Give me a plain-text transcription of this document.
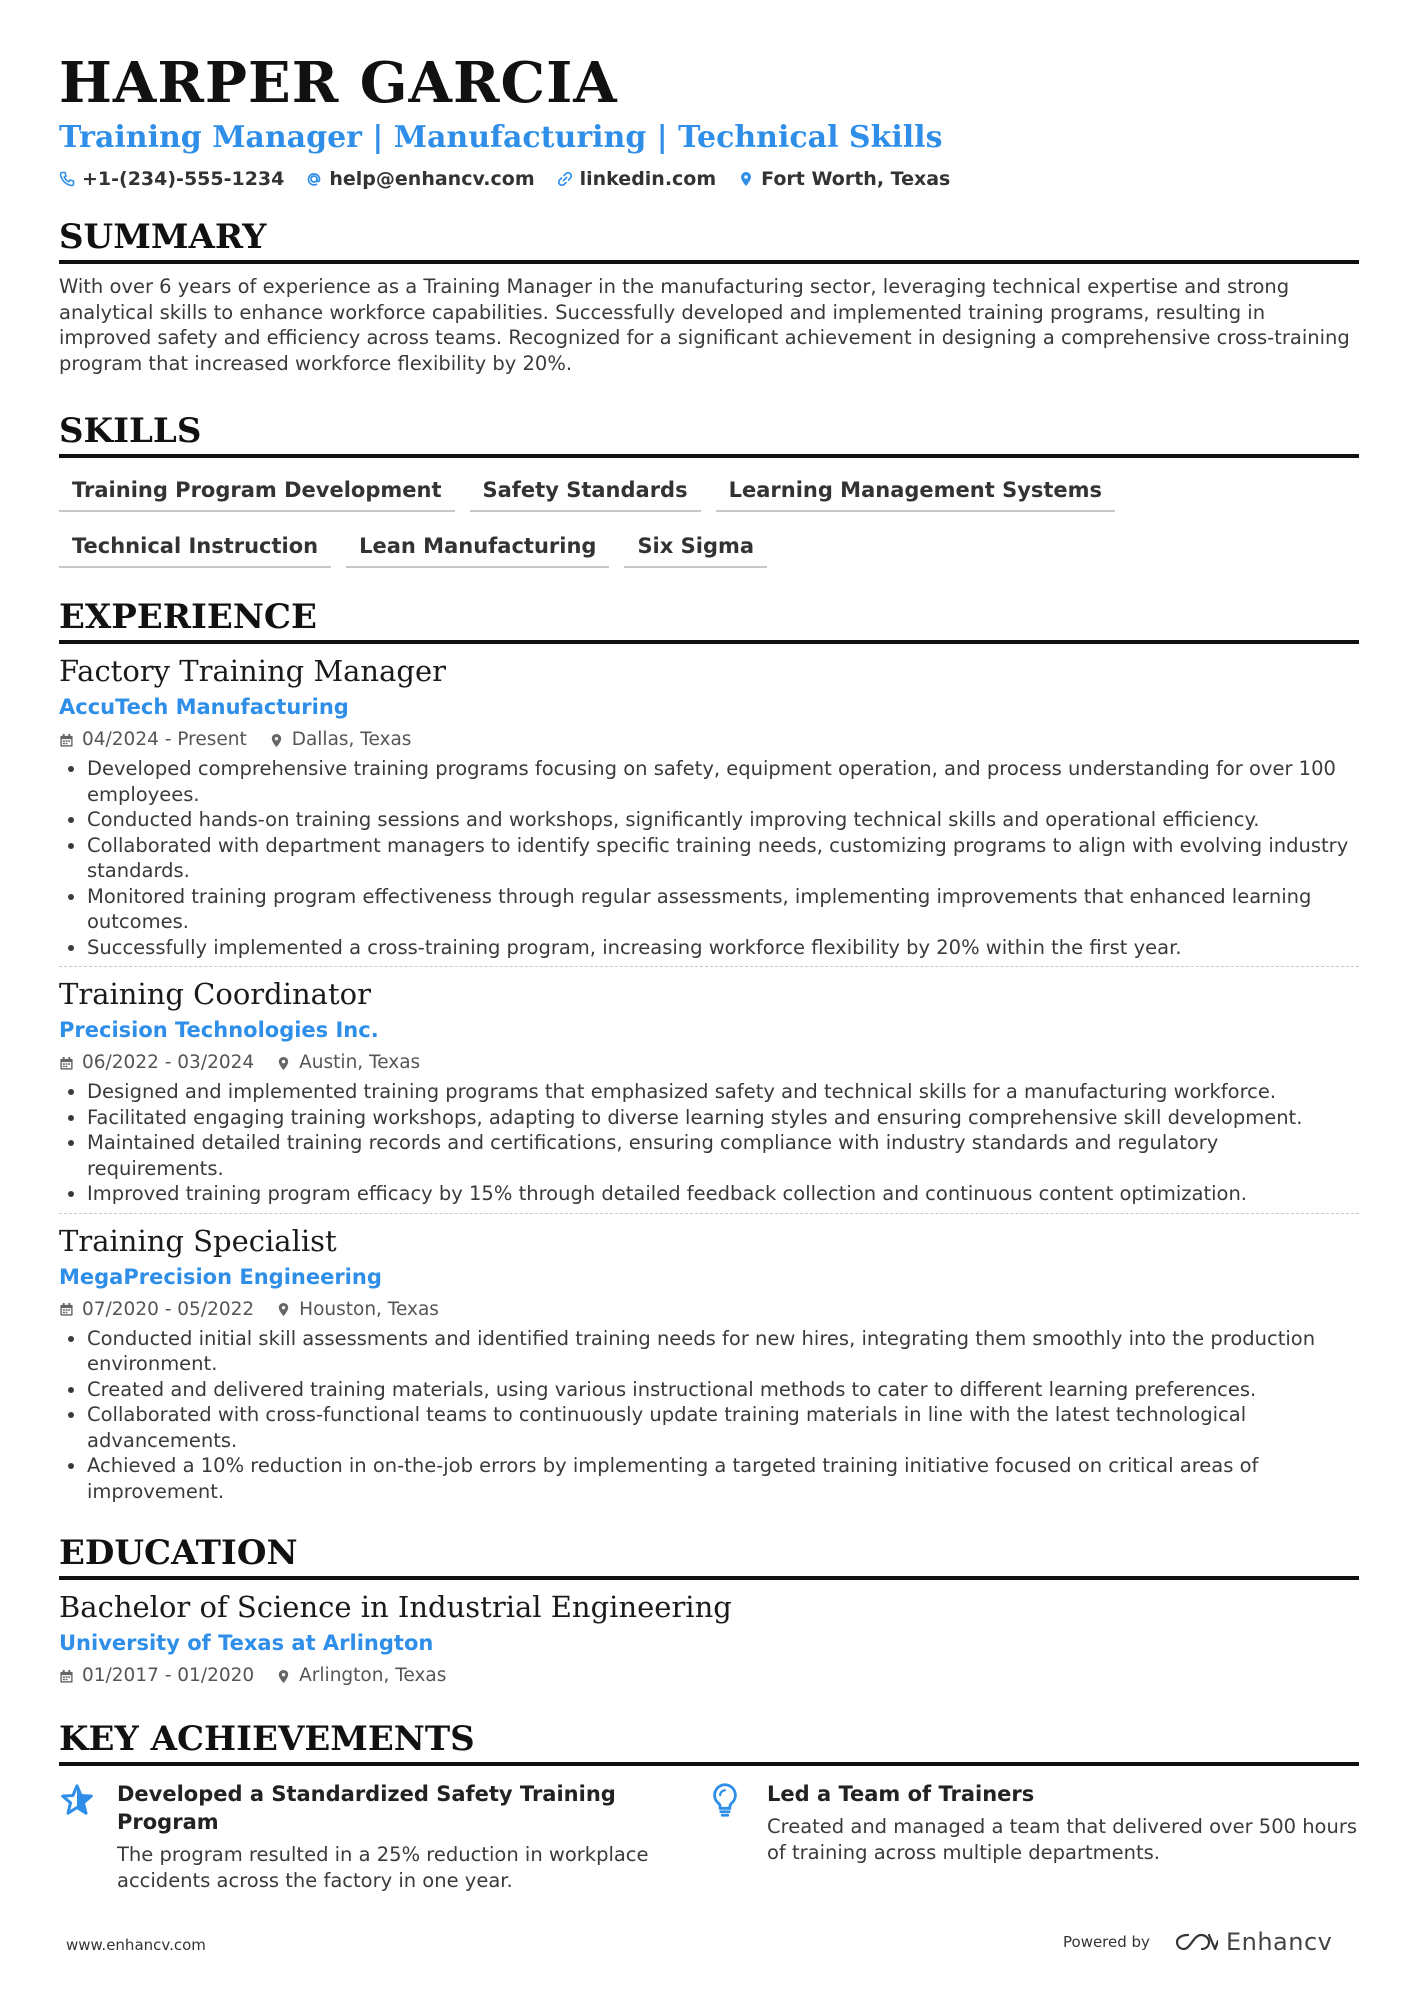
HARPER GARCIA
Training Manager | Manufacturing | Technical Skills
+1-(234)-555-1234 help@enhancv.com linkedin.com Fort Worth, Texas
SUMMARY
With over 6 years of experience as a Training Manager in the manufacturing sector, leveraging technical expertise and strong analytical skills to enhance workforce capabilities. Successfully developed and implemented training programs, resulting in improved safety and efficiency across teams. Recognized for a significant achievement in designing a comprehensive cross-training program that increased workforce flexibility by 20%.
SKILLS
Training Program Development	Safety Standards	Learning Management Systems
Technical Instruction	Lean Manufacturing	Six Sigma
EXPERIENCE
Factory Training Manager
AccuTech Manufacturing
04/2024 - Present Dallas, Texas
• Developed comprehensive training programs focusing on safety, equipment operation, and process understanding for over 100 employees.
• Conducted hands-on training sessions and workshops, significantly improving technical skills and operational efficiency.
• Collaborated with department managers to identify specific training needs, customizing programs to align with evolving industry standards.
• Monitored training program effectiveness through regular assessments, implementing improvements that enhanced learning outcomes.
• Successfully implemented a cross-training program, increasing workforce flexibility by 20% within the first year.
Training Coordinator
Precision Technologies Inc.
06/2022 - 03/2024 Austin, Texas
• Designed and implemented training programs that emphasized safety and technical skills for a manufacturing workforce.
• Facilitated engaging training workshops, adapting to diverse learning styles and ensuring comprehensive skill development.
• Maintained detailed training records and certifications, ensuring compliance with industry standards and regulatory requirements.
• Improved training program efficacy by 15% through detailed feedback collection and continuous content optimization.
Training Specialist
MegaPrecision Engineering
07/2020 - 05/2022 Houston, Texas
• Conducted initial skill assessments and identified training needs for new hires, integrating them smoothly into the production environment.
• Created and delivered training materials, using various instructional methods to cater to different learning preferences.
• Collaborated with cross-functional teams to continuously update training materials in line with the latest technological advancements.
• Achieved a 10% reduction in on-the-job errors by implementing a targeted training initiative focused on critical areas of improvement.
EDUCATION
Bachelor of Science in Industrial Engineering
University of Texas at Arlington
01/2017 - 01/2020 Arlington, Texas
KEY ACHIEVEMENTS
Developed a Standardized Safety Training Program
The program resulted in a 25% reduction in workplace accidents across the factory in one year.
Led a Team of Trainers
Created and managed a team that delivered over 500 hours of training across multiple departments.
www.enhancv.com	Powered by	Enhancv
